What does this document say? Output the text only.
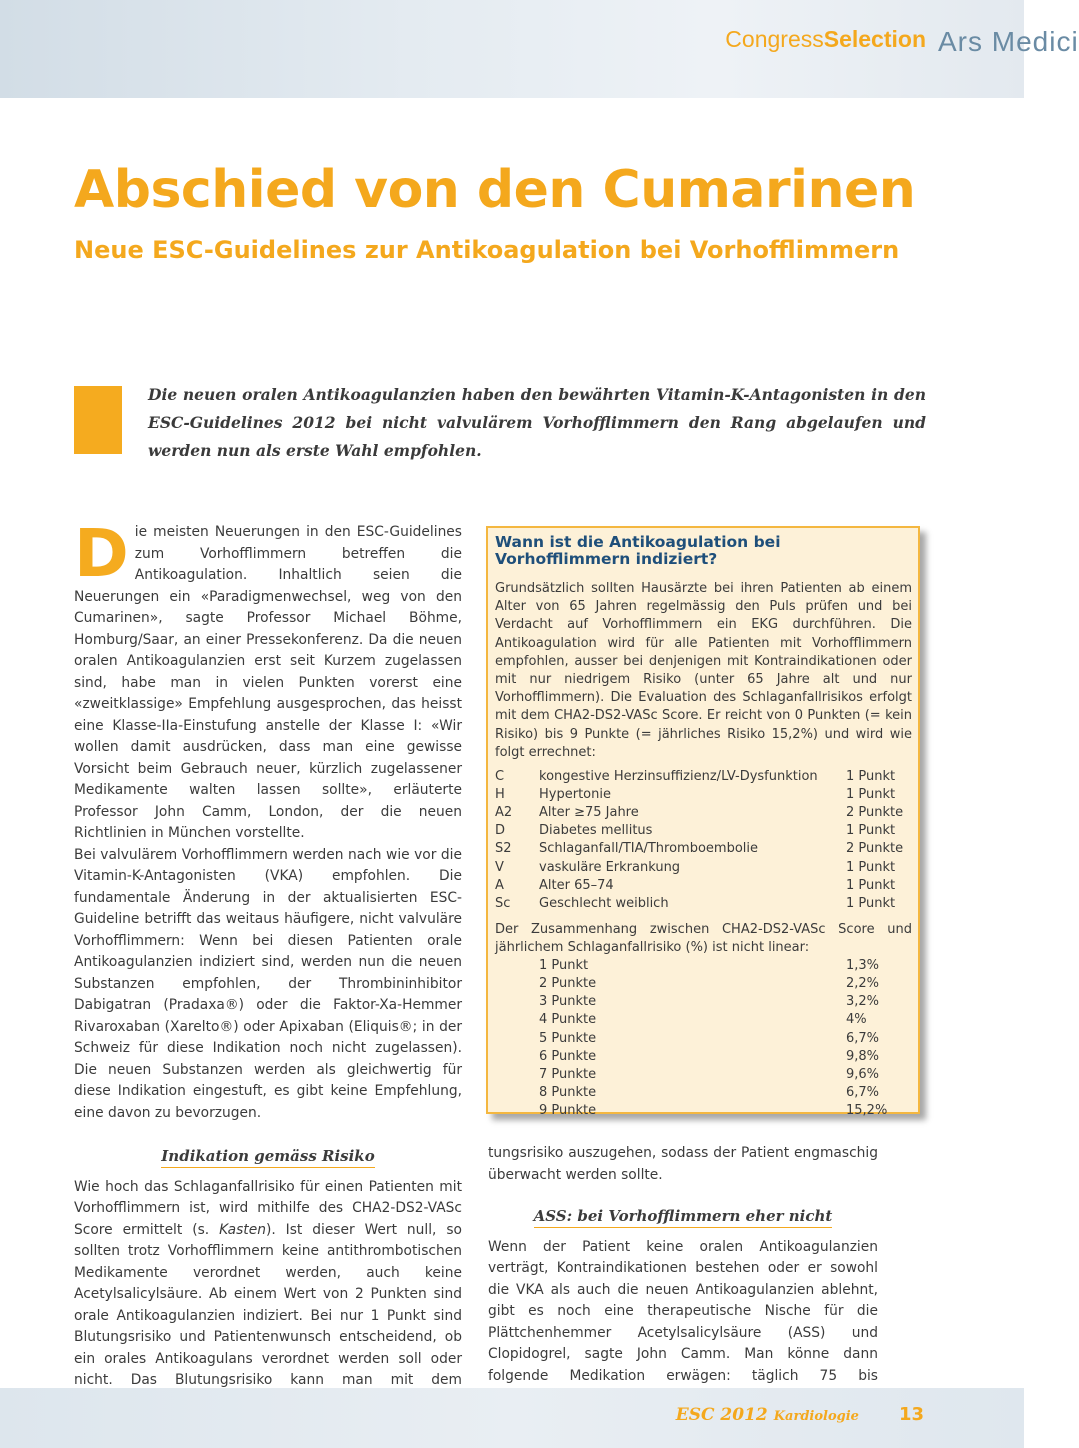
Congress Selection Ars Medici
Abschied von den Cumarinen
Neue ESC-Guidelines zur Antikoagulation bei Vorhofflimmern

Die neuen oralen Antikoagulanzien haben den bewährten Vitamin-K-Antagonisten in den ESC-Guidelines 2012 bei nicht valvulärem Vorhofflimmern den Rang abgelaufen und werden nun als erste Wahl empfohlen.

Die meisten Neuerungen in den ESC-Guidelines zum Vorhofflimmern betreffen die Antikoagulation. Inhaltlich seien die Neuerungen ein «Paradigmenwechsel, weg von den Cumarinen», sagte Professor Michael Böhme, Homburg/Saar, an einer Pressekonferenz. Da die neuen oralen Antikoagulanzien erst seit Kurzem zugelassen sind, habe man in vielen Punkten vorerst eine «zweitklassige» Empfehlung ausgesprochen, das heisst eine Klasse-IIa-Einstufung anstelle der Klasse I: «Wir wollen damit ausdrücken, dass man eine gewisse Vorsicht beim Gebrauch neuer, kürzlich zugelassener Medikamente walten lassen sollte», erläuterte Professor John Camm, London, der die neuen Richtlinien in München vorstellte.

Bei valvulärem Vorhofflimmern werden nach wie vor die Vitamin-K-Antagonisten (VKA) empfohlen. Die fundamentale Änderung in der aktualisierten ESC-Guideline betrifft das weitaus häufigere, nicht valvuläre Vorhofflimmern: Wenn bei diesen Patienten orale Antikoagulanzien indiziert sind, werden nun die neuen Substanzen empfohlen, der Thrombininhibitor Dabigatran (Pradaxa®) oder die Faktor-Xa-Hemmer Rivaroxaban (Xarelto®) oder Apixaban (Eliquis®; in der Schweiz für diese Indikation noch nicht zugelassen). Die neuen Substanzen werden als gleichwertig für diese Indikation eingestuft, es gibt keine Empfehlung, eine davon zu bevorzugen.

Indikation gemäss Risiko

Wie hoch das Schlaganfallrisiko für einen Patienten mit Vorhofflimmern ist, wird mithilfe des CHA2-DS2-VASc Score ermittelt (s. Kasten). Ist dieser Wert null, so sollten trotz Vorhofflimmern keine antithrombotischen Medikamente verordnet werden, auch keine Acetylsalicylsäure. Ab einem Wert von 2 Punkten sind orale Antikoagulanzien indiziert. Bei nur 1 Punkt sind Blutungsrisiko und Patientenwunsch entscheidend, ob ein orales Antikoagulans verordnet werden soll oder nicht. Das Blutungsrisiko kann man mit dem

Wann ist die Antikoagulation bei Vorhofflimmern indiziert?

Grundsätzlich sollten Hausärzte bei ihren Patienten ab einem Alter von 65 Jahren regelmässig den Puls prüfen und bei Verdacht auf Vorhofflimmern ein EKG durchführen. Die Antikoagulation wird für alle Patienten mit Vorhofflimmern empfohlen, ausser bei denjenigen mit Kontraindikationen oder mit nur niedrigem Risiko (unter 65 Jahre alt und nur Vorhofflimmern). Die Evaluation des Schlaganfallrisikos erfolgt mit dem CHA2-DS2-VASc Score. Er reicht von 0 Punkten (= kein Risiko) bis 9 Punkte (= jährliches Risiko 15,2%) und wird wie folgt errechnet:

C	kongestive Herzinsuffizienz/LV-Dysfunktion	1 Punkt
H	Hypertonie	1 Punkt
A2	Alter ≥75 Jahre	2 Punkte
D	Diabetes mellitus	1 Punkt
S2	Schlaganfall/TIA/Thromboembolie	2 Punkte
V	vaskuläre Erkrankung	1 Punkt
A	Alter 65–74	1 Punkt
Sc	Geschlecht weiblich	1 Punkt

Der Zusammenhang zwischen CHA2-DS2-VASc Score und jährlichem Schlaganfallrisiko (%) ist nicht linear:

	1 Punkt	1,3%
	2 Punkte	2,2%
	3 Punkte	3,2%
	4 Punkte	4%
	5 Punkte	6,7%
	6 Punkte	9,8%
	7 Punkte	9,6%
	8 Punkte	6,7%
	9 Punkte	15,2%

tungsrisiko auszugehen, sodass der Patient engmaschig überwacht werden sollte.

ASS: bei Vorhofflimmern eher nicht

Wenn der Patient keine oralen Antikoagulanzien verträgt, Kontraindikationen bestehen oder er sowohl die VKA als auch die neuen Antikoagulanzien ablehnt, gibt es noch eine therapeutische Nische für die Plättchenhemmer Acetylsalicylsäure (ASS) und Clopidogrel, sagte John Camm. Man könne dann folgende Medikation erwägen: täglich 75 bis

ESC 2012 Kardiologie 13
